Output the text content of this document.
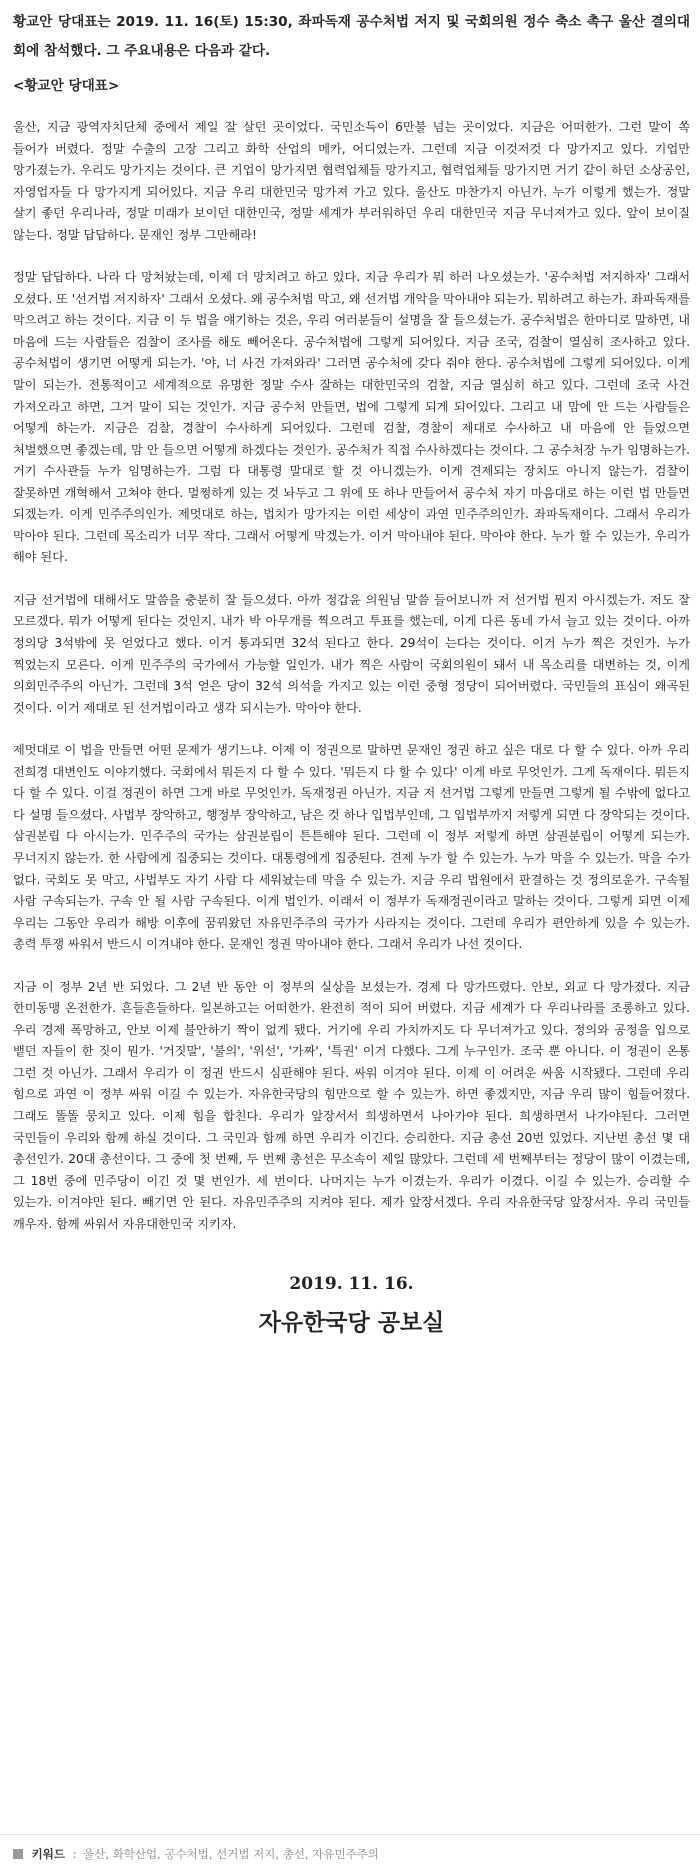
황교안 당대표는 2019. 11. 16(토) 15:30, 좌파독재 공수처법 저지 및 국회의원 정수 축소 촉구 울산 결의대회에 참석했다. 그 주요내용은 다음과 같다.

<황교안 당대표>

울산, 지금 광역자치단체 중에서 제일 잘 살던 곳이었다. 국민소득이 6만불 넘는 곳이었다. 지금은 어떠한가. 그런 말이 쏙 들어가 버렸다. 정말 수출의 고장 그리고 화학 산업의 메카, 어디였는가. 그런데 지금 이것저것 다 망가지고 있다. 기업만 망가졌는가. 우리도 망가지는 것이다. 큰 기업이 망가지면 협력업체들 망가지고, 협력업체들 망가지면 거기 같이 하던 소상공인, 자영업자들 다 망가지게 되어있다. 지금 우리 대한민국 망가져 가고 있다. 울산도 마찬가지 아닌가. 누가 이렇게 했는가. 정말 살기 좋던 우리나라, 정말 미래가 보이던 대한민국, 정말 세계가 부러워하던 우리 대한민국 지금 무너져가고 있다. 앞이 보이질 않는다. 정말 답답하다. 문재인 정부 그만해라!

정말 답답하다. 나라 다 망쳐놨는데, 이제 더 망치려고 하고 있다. 지금 우리가 뭐 하러 나오셨는가. '공수처법 저지하자' 그래서 오셨다. 또 '선거법 저지하자' 그래서 오셨다. 왜 공수처법 막고, 왜 선거법 개악을 막아내야 되는가. 뭐하려고 하는가. 좌파독재를 막으려고 하는 것이다. 지금 이 두 법을 얘기하는 것은, 우리 여러분들이 설명을 잘 들으셨는가. 공수처법은 한마디로 말하면, 내 마음에 드는 사람들은 검찰이 조사를 해도 빼어온다. 공수처법에 그렇게 되어있다. 지금 조국, 검찰이 열심히 조사하고 있다. 공수처법이 생기면 어떻게 되는가. '야, 너 사건 가져와라' 그러면 공수처에 갖다 줘야 한다. 공수처법에 그렇게 되어있다. 이게 말이 되는가. 전통적이고 세계적으로 유명한 정말 수사 잘하는 대한민국의 검찰, 지금 열심히 하고 있다. 그런데 조국 사건 가져오라고 하면, 그거 말이 되는 것인가. 지금 공수처 만들면, 법에 그렇게 되게 되어있다. 그리고 내 맘에 안 드는 사람들은 어떻게 하는가. 지금은 검찰, 경찰이 수사하게 되어있다. 그런데 검찰, 경찰이 제대로 수사하고 내 마음에 안 들었으면 처벌했으면 좋겠는데, 맘 안 들으면 어떻게 하겠다는 것인가. 공수처가 직접 수사하겠다는 것이다. 그 공수처장 누가 임명하는가. 거기 수사관들 누가 임명하는가. 그럼 다 대통령 말대로 할 것 아니겠는가. 이게 견제되는 장치도 아니지 않는가. 검찰이 잘못하면 개혁해서 고쳐야 한다. 멀쩡하게 있는 것 놔두고 그 위에 또 하나 만들어서 공수처 자기 마음대로 하는 이런 법 만들면 되겠는가. 이게 민주주의인가. 제멋대로 하는, 법치가 망가지는 이런 세상이 과연 민주주의인가. 좌파독재이다. 그래서 우리가 막아야 된다. 그런데 목소리가 너무 작다. 그래서 어떻게 막겠는가. 이거 막아내야 된다. 막아야 한다. 누가 할 수 있는가. 우리가 해야 된다.

지금 선거법에 대해서도 말씀을 충분히 잘 들으셨다. 아까 정갑윤 의원님 말씀 들어보니까 저 선거법 뭔지 아시겠는가. 저도 잘 모르겠다. 뭐가 어떻게 된다는 것인지. 내가 박 아무개를 찍으려고 투표를 했는데, 이게 다른 동네 가서 늘고 있는 것이다. 아까 정의당 3석밖에 못 얻었다고 했다. 이거 통과되면 32석 된다고 한다. 29석이 는다는 것이다. 이거 누가 찍은 것인가. 누가 찍었는지 모른다. 이게 민주주의 국가에서 가능할 일인가. 내가 찍은 사람이 국회의원이 돼서 내 목소리를 대변하는 것, 이게 의회민주주의 아닌가. 그런데 3석 얻은 당이 32석 의석을 가지고 있는 이런 중형 정당이 되어버렸다. 국민들의 표심이 왜곡된 것이다. 이거 제대로 된 선거법이라고 생각 되시는가. 막아야 한다.

제멋대로 이 법을 만들면 어떤 문제가 생기느냐. 이제 이 정권으로 말하면 문재인 정권 하고 싶은 대로 다 할 수 있다. 아까 우리 전희경 대변인도 이야기했다. 국회에서 뭐든지 다 할 수 있다. '뭐든지 다 할 수 있다' 이게 바로 무엇인가. 그게 독재이다. 뭐든지 다 할 수 있다. 이걸 정권이 하면 그게 바로 무엇인가. 독재정권 아닌가. 지금 저 선거법 그렇게 만들면 그렇게 될 수밖에 없다고 다 설명 들으셨다. 사법부 장악하고, 행정부 장악하고, 남은 것 하나 입법부인데, 그 입법부까지 저렇게 되면 다 장악되는 것이다. 삼권분립 다 아시는가. 민주주의 국가는 삼권분립이 튼튼해야 된다. 그런데 이 정부 저렇게 하면 삼권분립이 어떻게 되는가. 무너지지 않는가. 한 사람에게 집중되는 것이다. 대통령에게 집중된다. 견제 누가 할 수 있는가. 누가 막을 수 있는가. 막을 수가 없다. 국회도 못 막고, 사법부도 자기 사람 다 세워놨는데 막을 수 있는가. 지금 우리 법원에서 판결하는 것 정의로운가. 구속될 사람 구속되는가. 구속 안 될 사람 구속된다. 이게 법인가. 이래서 이 정부가 독재정권이라고 말하는 것이다. 그렇게 되면 이제 우리는 그동안 우리가 해방 이후에 꿈꿔왔던 자유민주주의 국가가 사라지는 것이다. 그런데 우리가 편안하게 있을 수 있는가. 총력 투쟁 싸워서 반드시 이겨내야 한다. 문재인 정권 막아내야 한다. 그래서 우리가 나선 것이다.

지금 이 정부 2년 반 되었다. 그 2년 반 동안 이 정부의 실상을 보셨는가. 경제 다 망가뜨렸다. 안보, 외교 다 망가졌다. 지금 한미동맹 온전한가. 흔들흔들하다. 일본하고는 어떠한가. 완전히 적이 되어 버렸다. 지금 세계가 다 우리나라를 조롱하고 있다. 우리 경제 폭망하고, 안보 이제 불안하기 짝이 없게 됐다. 거기에 우리 가치까지도 다 무너져가고 있다. 정의와 공정을 입으로 뱉던 자들이 한 짓이 뭔가. '거짓말', '불의', '위선', '가짜', '특권' 이거 다했다. 그게 누구인가. 조국 뿐 아니다. 이 정권이 온통 그런 것 아닌가. 그래서 우리가 이 정권 반드시 심판해야 된다. 싸워 이겨야 된다. 이제 이 어려운 싸움 시작됐다. 그런데 우리 힘으로 과연 이 정부 싸워 이길 수 있는가. 자유한국당의 힘만으로 할 수 있는가. 하면 좋겠지만, 지금 우리 많이 힘들어졌다. 그래도 똘똘 뭉치고 있다. 이제 힘을 합친다. 우리가 앞장서서 희생하면서 나아가야 된다. 희생하면서 나가야된다. 그러면 국민들이 우리와 함께 하실 것이다. 그 국민과 함께 하면 우리가 이긴다. 승리한다. 지금 총선 20번 있었다. 지난번 총선 몇 대 총선인가. 20대 총선이다. 그 중에 첫 번째, 두 번째 총선은 무소속이 제일 많았다. 그런데 세 번째부터는 정당이 많이 이겼는데, 그 18번 중에 민주당이 이긴 것 몇 번인가. 세 번이다. 나머지는 누가 이겼는가. 우리가 이겼다. 이길 수 있는가. 승리할 수 있는가. 이겨야만 된다. 빼기면 안 된다. 자유민주주의 지켜야 된다. 제가 앞장서겠다. 우리 자유한국당 앞장서자. 우리 국민들 깨우자. 함께 싸워서 자유대한민국 지키자.

2019. 11. 16.
자유한국당 공보실
키워드 : 울산, 화학산업, 공수처법, 선거법 저지, 총선, 자유민주주의
